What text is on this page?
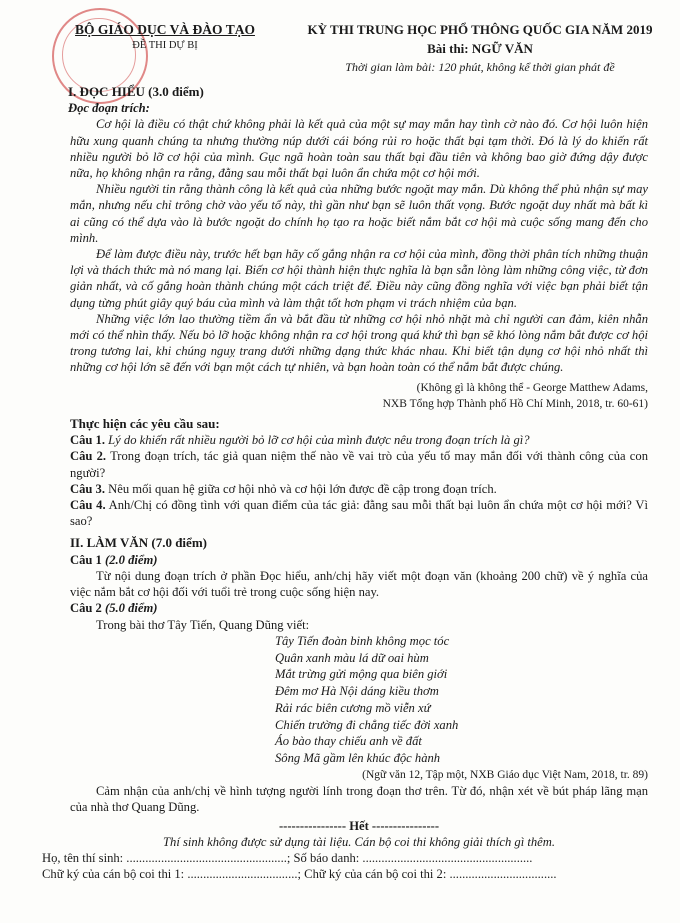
BỘ GIÁO DỤC VÀ ĐÀO TẠO
ĐỀ THI DỰ BỊ
KỲ THI TRUNG HỌC PHỔ THÔNG QUỐC GIA NĂM 2019
Bài thi: NGỮ VĂN
Thời gian làm bài: 120 phút, không kể thời gian phát đề

I. ĐỌC HIỂU (3.0 điểm)

Đọc đoạn trích:

Cơ hội là điều có thật chứ không phải là kết quả của một sự may mắn hay tình cờ nào đó. Cơ hội luôn hiện hữu xung quanh chúng ta nhưng thường núp dưới cái bóng rủi ro hoặc thất bại tạm thời. Đó là lý do khiến rất nhiều người bỏ lỡ cơ hội của mình. Gục ngã hoàn toàn sau thất bại đầu tiên và không bao giờ đứng dậy được nữa, họ không nhận ra rằng, đằng sau mỗi thất bại luôn ẩn chứa một cơ hội mới.

Nhiều người tin rằng thành công là kết quả của những bước ngoặt may mắn. Dù không thể phủ nhận sự may mắn, nhưng nếu chỉ trông chờ vào yếu tố này, thì gần như bạn sẽ luôn thất vọng. Bước ngoặt duy nhất mà bất kì ai cũng có thể dựa vào là bước ngoặt do chính họ tạo ra hoặc biết nắm bắt cơ hội mà cuộc sống mang đến cho mình.

Để làm được điều này, trước hết bạn hãy cố gắng nhận ra cơ hội của mình, đồng thời phân tích những thuận lợi và thách thức mà nó mang lại. Biến cơ hội thành hiện thực nghĩa là bạn sẵn lòng làm những công việc, từ đơn giản nhất, và cố gắng hoàn thành chúng một cách triệt để. Điều này cũng đồng nghĩa với việc bạn phải biết tận dụng từng phút giây quý báu của mình và làm thật tốt hơn phạm vi trách nhiệm của bạn.

Những việc lớn lao thường tiềm ẩn và bắt đầu từ những cơ hội nhỏ nhặt mà chỉ người can đảm, kiên nhẫn mới có thể nhìn thấy. Nếu bỏ lỡ hoặc không nhận ra cơ hội trong quá khứ thì bạn sẽ khó lòng nắm bắt được cơ hội trong tương lai, khi chúng nguỵ trang dưới những dạng thức khác nhau. Khi biết tận dụng cơ hội nhỏ nhất thì những cơ hội lớn sẽ đến với bạn một cách tự nhiên, và bạn hoàn toàn có thể nắm bắt được chúng.

(Không gì là không thể - George Matthew Adams,

NXB Tổng hợp Thành phố Hồ Chí Minh, 2018, tr. 60-61)

Thực hiện các yêu cầu sau:

Câu 1. Lý do khiến rất nhiều người bỏ lỡ cơ hội của mình được nêu trong đoạn trích là gì?

Câu 2. Trong đoạn trích, tác giả quan niệm thế nào về vai trò của yếu tố may mắn đối với thành công của con người?

Câu 3. Nêu mối quan hệ giữa cơ hội nhỏ và cơ hội lớn được đề cập trong đoạn trích.

Câu 4. Anh/Chị có đồng tình với quan điểm của tác giả: đằng sau mỗi thất bại luôn ẩn chứa một cơ hội mới? Vì sao?

II. LÀM VĂN (7.0 điểm)

Câu 1 (2.0 điểm)

Từ nội dung đoạn trích ở phần Đọc hiểu, anh/chị hãy viết một đoạn văn (khoảng 200 chữ) về ý nghĩa của việc nắm bắt cơ hội đối với tuổi trẻ trong cuộc sống hiện nay.

Câu 2 (5.0 điểm)

Trong bài thơ Tây Tiến, Quang Dũng viết:

Tây Tiến đoàn binh không mọc tóc
Quân xanh màu lá dữ oai hùm
Mắt trừng gửi mộng qua biên giới
Đêm mơ Hà Nội dáng kiều thơm
Rải rác biên cương mồ viễn xứ
Chiến trường đi chẳng tiếc đời xanh
Áo bào thay chiếu anh về đất
Sông Mã gầm lên khúc độc hành

(Ngữ văn 12, Tập một, NXB Giáo dục Việt Nam, 2018, tr. 89)

Cảm nhận của anh/chị về hình tượng người lính trong đoạn thơ trên. Từ đó, nhận xét về bút pháp lãng mạn của nhà thơ Quang Dũng.

---------------- Hết ----------------

Thí sinh không được sử dụng tài liệu. Cán bộ coi thi không giải thích gì thêm.

Họ, tên thí sinh: ...................................................; Số báo danh: ......................................................

Chữ ký của cán bộ coi thi 1: ...................................; Chữ ký của cán bộ coi thi 2: ..................................
